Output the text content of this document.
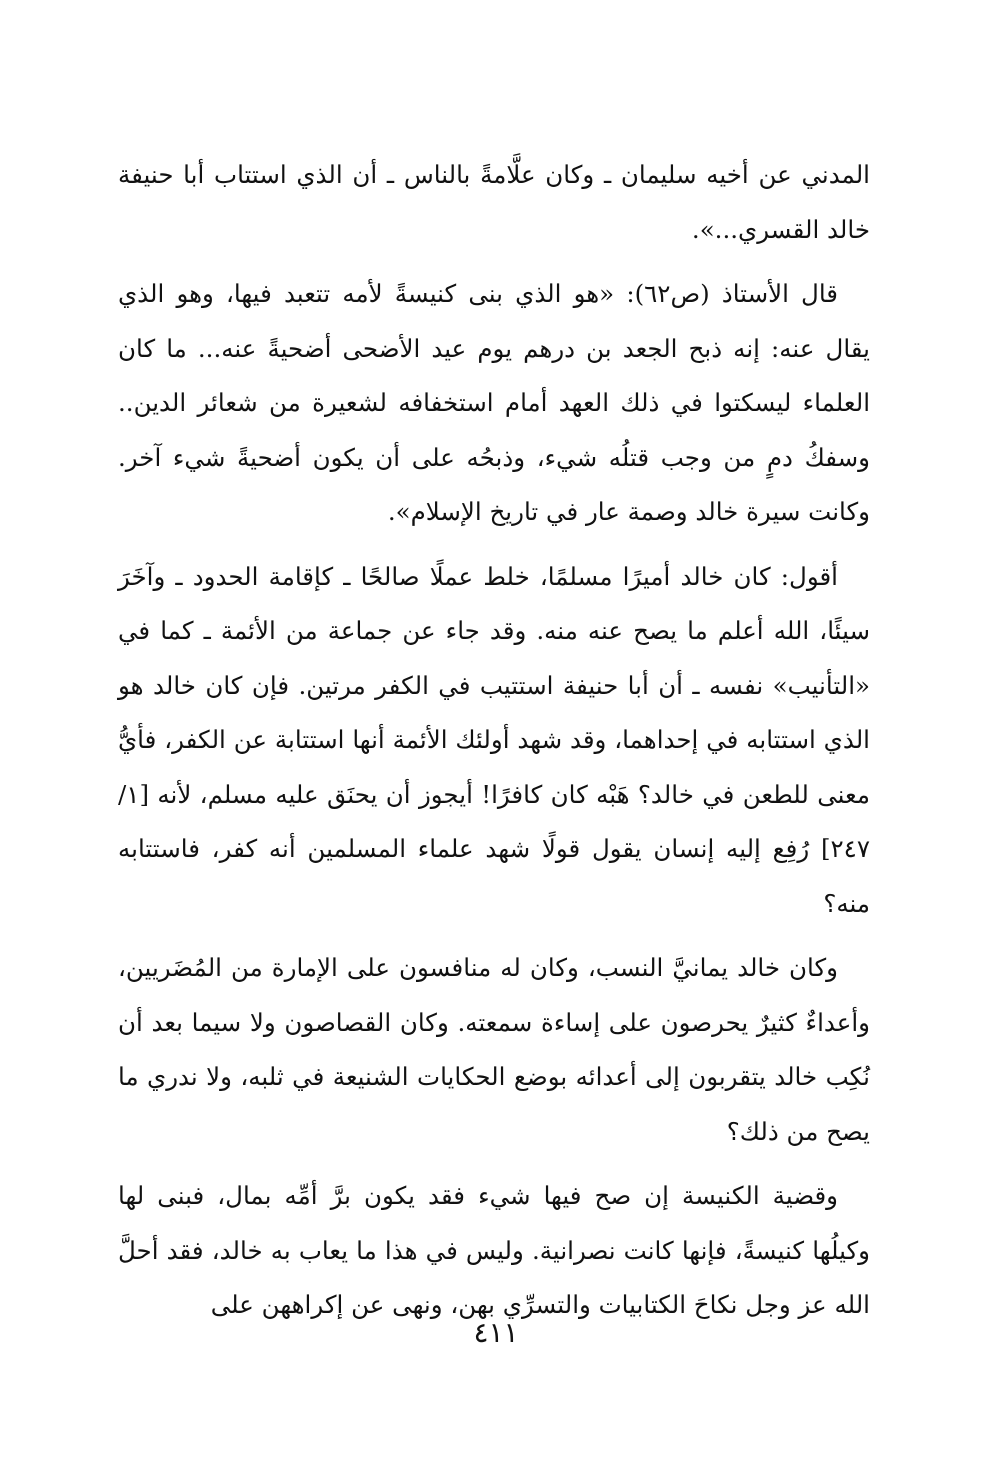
المدني عن أخيه سليمان ـ وكان علَّامةً بالناس ـ أن الذي استتاب أبا حنيفة خالد القسري...».

قال الأستاذ (ص٦٢): «هو الذي بنى كنيسةً لأمه تتعبد فيها، وهو الذي يقال عنه: إنه ذبح الجعد بن درهم يوم عيد الأضحى أضحيةً عنه... ما كان العلماء ليسكتوا في ذلك العهد أمام استخفافه لشعيرة من شعائر الدين.. وسفكُ دمٍ من وجب قتلُه شيء، وذبحُه على أن يكون أضحيةً شيء آخر. وكانت سيرة خالد وصمة عار في تاريخ الإسلام».

أقول: كان خالد أميرًا مسلمًا، خلط عملًا صالحًا ـ كإقامة الحدود ـ وآخَرَ سيئًا، الله أعلم ما يصح عنه منه. وقد جاء عن جماعة من الأئمة ـ كما في «التأنيب» نفسه ـ أن أبا حنيفة استتيب في الكفر مرتين. فإن كان خالد هو الذي استتابه في إحداهما، وقد شهد أولئك الأئمة أنها استتابة عن الكفر، فأيُّ معنى للطعن في خالد؟ هَبْه كان كافرًا! أيجوز أن يحنَق عليه مسلم، لأنه [١/ ٢٤٧] رُفِع إليه إنسان يقول قولًا شهد علماء المسلمين أنه كفر، فاستتابه منه؟

وكان خالد يمانيَّ النسب، وكان له منافسون على الإمارة من المُضَريين، وأعداءٌ كثيرٌ يحرصون على إساءة سمعته. وكان القصاصون ولا سيما بعد أن نُكِب خالد يتقربون إلى أعدائه بوضع الحكايات الشنيعة في ثلبه، ولا ندري ما يصح من ذلك؟

وقضية الكنيسة إن صح فيها شيء فقد يكون برَّ أمِّه بمال، فبنى لها وكيلُها كنيسةً، فإنها كانت نصرانية. وليس في هذا ما يعاب به خالد، فقد أحلَّ الله عز وجل نكاحَ الكتابيات والتسرِّي بهن، ونهى عن إكراههن على

٤١١
